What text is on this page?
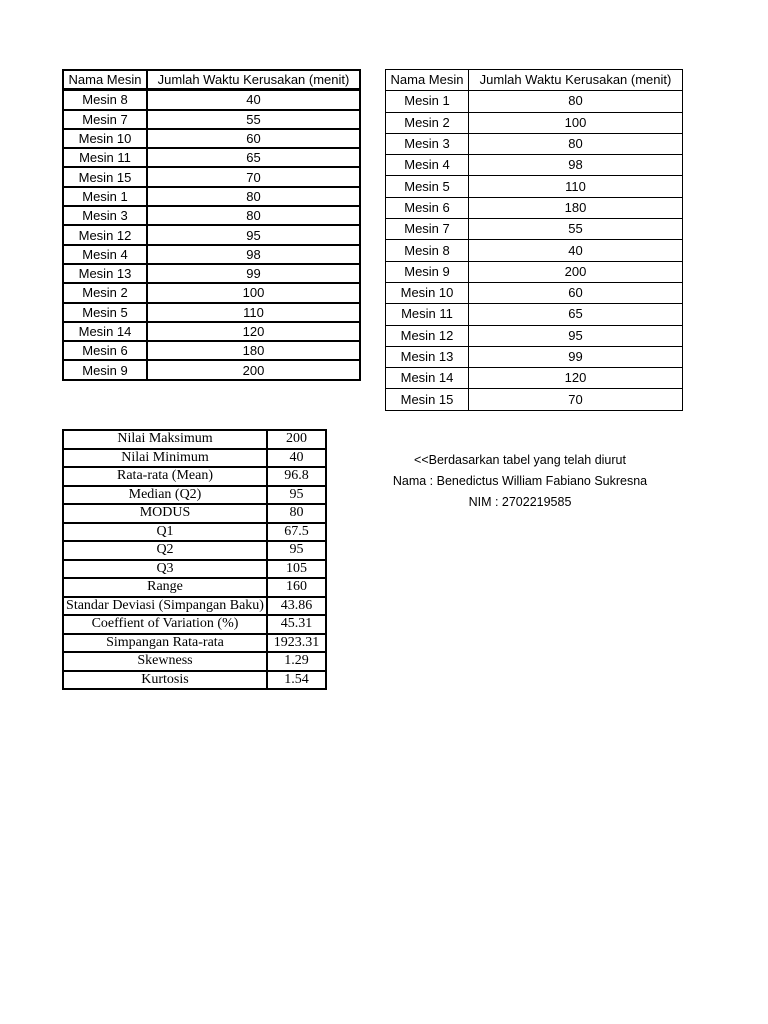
Nama Mesin	Jumlah Waktu Kerusakan (menit)
Mesin 8	40
Mesin 7	55
Mesin 10	60
Mesin 11	65
Mesin 15	70
Mesin 1	80
Mesin 3	80
Mesin 12	95
Mesin 4	98
Mesin 13	99
Mesin 2	100
Mesin 5	110
Mesin 14	120
Mesin 6	180
Mesin 9	200
Nama Mesin	Jumlah Waktu Kerusakan (menit)
Mesin 1	80
Mesin 2	100
Mesin 3	80
Mesin 4	98
Mesin 5	110
Mesin 6	180
Mesin 7	55
Mesin 8	40
Mesin 9	200
Mesin 10	60
Mesin 11	65
Mesin 12	95
Mesin 13	99
Mesin 14	120
Mesin 15	70
Nilai Maksimum	200
Nilai Minimum	40
Rata-rata (Mean)	96.8
Median (Q2)	95
MODUS	80
Q1	67.5
Q2	95
Q3	105
Range	160
Standar Deviasi (Simpangan Baku)	43.86
Coeffient of Variation (%)	45.31
Simpangan Rata-rata	1923.31
Skewness	1.29
Kurtosis	1.54
<<Berdasarkan tabel yang telah diurut
Nama : Benedictus William Fabiano Sukresna
NIM : 2702219585
